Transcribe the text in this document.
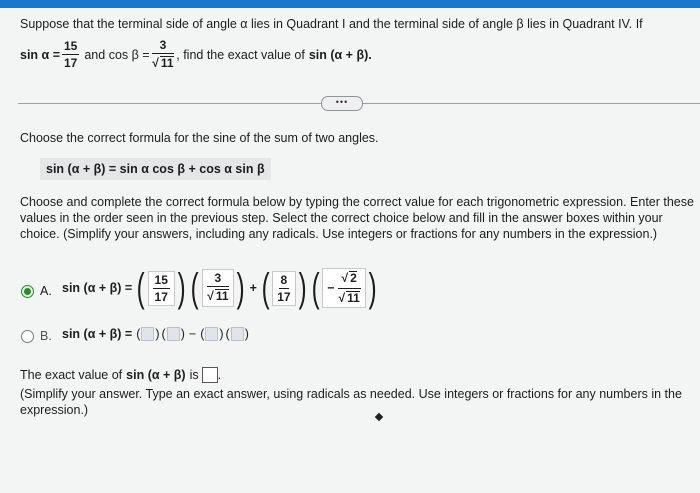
Suppose that the terminal side of angle α lies in Quadrant I and the terminal side of angle β lies in Quadrant IV. If
$\sin \alpha = \frac{15}{17}$ and $\cos \beta = \frac{3}{√ 11}$ , find the exact value of sin (α + β).
•••
Choose the correct formula for the sine of the sum of two angles.
sin (α + β) = sin α cos β + cos α sin β
Choose and complete the correct formula below by typing the correct value for each trigonometric expression. Enter these values in the order seen in the previous step. Select the correct choice below and fill in the answer boxes within your choice. (Simplify your answers, including any radicals. Use integers or fractions for any numbers in the expression.)
A. sin (α + β) = ( $\frac{15}{17}$ ) ( $\frac{3}{√ 11}$ ) + ( $\frac{8}{17}$ ) ( − $\frac{√ 2}{√ 11}$ )
B. sin (α + β) = ( ) ( ) − ( ) ( )
The exact value of sin (α + β) is .
(Simplify your answer. Type an exact answer, using radicals as needed. Use integers or fractions for any numbers in the expression.)
